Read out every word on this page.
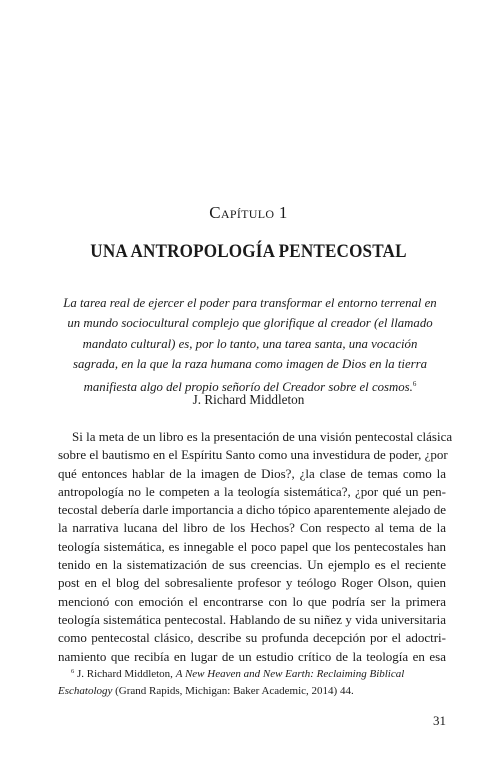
Capítulo 1
UNA ANTROPOLOGÍA PENTECOSTAL
La tarea real de ejercer el poder para transformar el entorno terrenal en
un mundo sociocultural complejo que glorifique al creador (el llamado
mandato cultural) es, por lo tanto, una tarea santa, una vocación
sagrada, en la que la raza humana como imagen de Dios en la tierra
manifiesta algo del propio señorío del Creador sobre el cosmos.$^6$
J. Richard Middleton
Si la meta de un libro es la presentación de una visión pentecostal clásica
sobre el bautismo en el Espíritu Santo como una investidura de poder, ¿por
qué entonces hablar de la imagen de Dios?, ¿la clase de temas como la
antropología no le competen a la teología sistemática?, ¿por qué un pen-
tecostal debería darle importancia a dicho tópico aparentemente alejado de
la narrativa lucana del libro de los Hechos? Con respecto al tema de la
teología sistemática, es innegable el poco papel que los pentecostales han
tenido en la sistematización de sus creencias. Un ejemplo es el reciente
post en el blog del sobresaliente profesor y teólogo Roger Olson, quien
mencionó con emoción el encontrarse con lo que podría ser la primera
teología sistemática pentecostal. Hablando de su niñez y vida universitaria
como pentecostal clásico, describe su profunda decepción por el adoctri-
namiento que recibía en lugar de un estudio crítico de la teología en esa
$^6$ J. Richard Middleton, A New Heaven and New Earth: Reclaiming Biblical
Eschatology (Grand Rapids, Michigan: Baker Academic, 2014) 44.
31
